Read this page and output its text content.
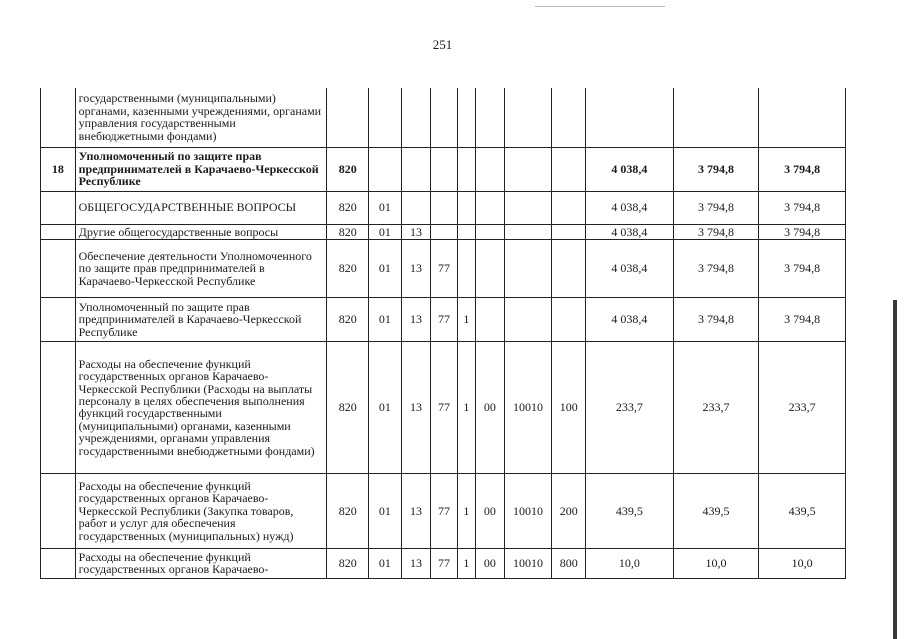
251
	государственными (муниципальными) органами, казенными учреждениями, органами управления государственными внебюджетными фондами)											
18	Уполномоченный по защите прав предпринимателей в Карачаево-Черкесской Республике	820								4 038,4	3 794,8	3 794,8
	ОБЩЕГОСУДАРСТВЕННЫЕ ВОПРОСЫ	820	01							4 038,4	3 794,8	3 794,8
	Другие общегосударственные вопросы	820	01	13						4 038,4	3 794,8	3 794,8
	Обеспечение деятельности Уполномоченного по защите прав предпринимателей в Карачаево-Черкесской Республике	820	01	13	77					4 038,4	3 794,8	3 794,8
	Уполномоченный по защите прав предпринимателей в Карачаево-Черкесской Республике	820	01	13	77	1				4 038,4	3 794,8	3 794,8
	Расходы на обеспечение функций государственных органов Карачаево-Черкесской Республики (Расходы на выплаты персоналу в целях обеспечения выполнения функций государственными (муниципальными) органами, казенными учреждениями, органами управления государственными внебюджетными фондами)	820	01	13	77	1	00	10010	100	233,7	233,7	233,7
	Расходы на обеспечение функций государственных органов Карачаево-Черкесской Республики (Закупка товаров, работ и услуг для обеспечения государственных (муниципальных) нужд)	820	01	13	77	1	00	10010	200	439,5	439,5	439,5
	Расходы на обеспечение функций государственных органов Карачаево-	820	01	13	77	1	00	10010	800	10,0	10,0	10,0
